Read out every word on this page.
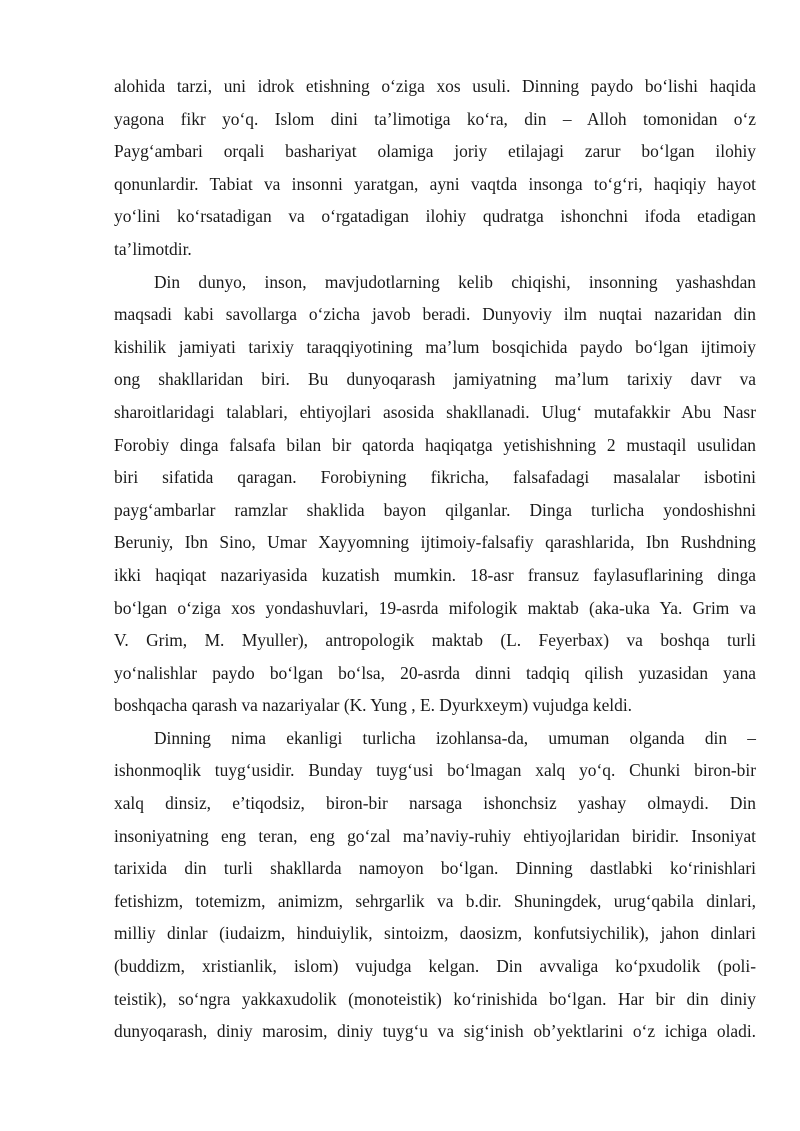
alohida tarzi, uni idrok etishning o‘ziga xos usuli. Dinning paydo bo‘lishi haqida
yagona fikr yo‘q. Islom dini ta’limotiga ko‘ra, din – Alloh tomonidan o‘z
Payg‘ambari orqali bashariyat olamiga joriy etilajagi zarur bo‘lgan ilohiy
qonunlardir. Tabiat va insonni yaratgan, ayni vaqtda insonga to‘g‘ri, haqiqiy hayot
yo‘lini ko‘rsatadigan va o‘rgatadigan ilohiy qudratga ishonchni ifoda etadigan
ta’limotdir.
Din dunyo, inson, mavjudotlarning kelib chiqishi, insonning yashashdan
maqsadi kabi savollarga o‘zicha javob beradi. Dunyoviy ilm nuqtai nazaridan din
kishilik jamiyati tarixiy taraqqiyotining ma’lum bosqichida paydo bo‘lgan ijtimoiy
ong shakllaridan biri. Bu dunyoqarash jamiyatning ma’lum tarixiy davr va
sharoitlaridagi talablari, ehtiyojlari asosida shakllanadi. Ulug‘ mutafakkir Abu Nasr
Forobiy dinga falsafa bilan bir qatorda haqiqatga yetishishning 2 mustaqil usulidan
biri sifatida qaragan. Forobiyning fikricha, falsafadagi masalalar isbotini
payg‘ambarlar ramzlar shaklida bayon qilganlar. Dinga turlicha yondoshishni
Beruniy, Ibn Sino, Umar Xayyomning ijtimoiy-falsafiy qarashlarida, Ibn Rushdning
ikki haqiqat nazariyasida kuzatish mumkin. 18-asr fransuz faylasuflarining dinga
bo‘lgan o‘ziga xos yondashuvlari, 19-asrda mifologik maktab (aka-uka Ya. Grim va
V. Grim, M. Myuller), antropologik maktab (L. Feyerbax) va boshqa turli
yo‘nalishlar paydo bo‘lgan bo‘lsa, 20-asrda dinni tadqiq qilish yuzasidan yana
boshqacha qarash va nazariyalar (K. Yung , E. Dyurkxeym) vujudga keldi.
Dinning nima ekanligi turlicha izohlansa-da, umuman olganda din –
ishonmoqlik tuyg‘usidir. Bunday tuyg‘usi bo‘lmagan xalq yo‘q. Chunki biron-bir
xalq dinsiz, e’tiqodsiz, biron-bir narsaga ishonchsiz yashay olmaydi. Din
insoniyatning eng teran, eng go‘zal ma’naviy-ruhiy ehtiyojlaridan biridir. Insoniyat
tarixida din turli shakllarda namoyon bo‘lgan. Dinning dastlabki ko‘rinishlari
fetishizm, totemizm, animizm, sehrgarlik va b.dir. Shuningdek, urug‘qabila dinlari,
milliy dinlar (iudaizm, hinduiylik, sintoizm, daosizm, konfutsiychilik), jahon dinlari
(buddizm, xristianlik, islom) vujudga kelgan. Din avvaliga ko‘pxudolik (poli-
teistik), so‘ngra yakkaxudolik (monoteistik) ko‘rinishida bo‘lgan. Har bir din diniy
dunyoqarash, diniy marosim, diniy tuyg‘u va sig‘inish ob’yektlarini o‘z ichiga oladi.
